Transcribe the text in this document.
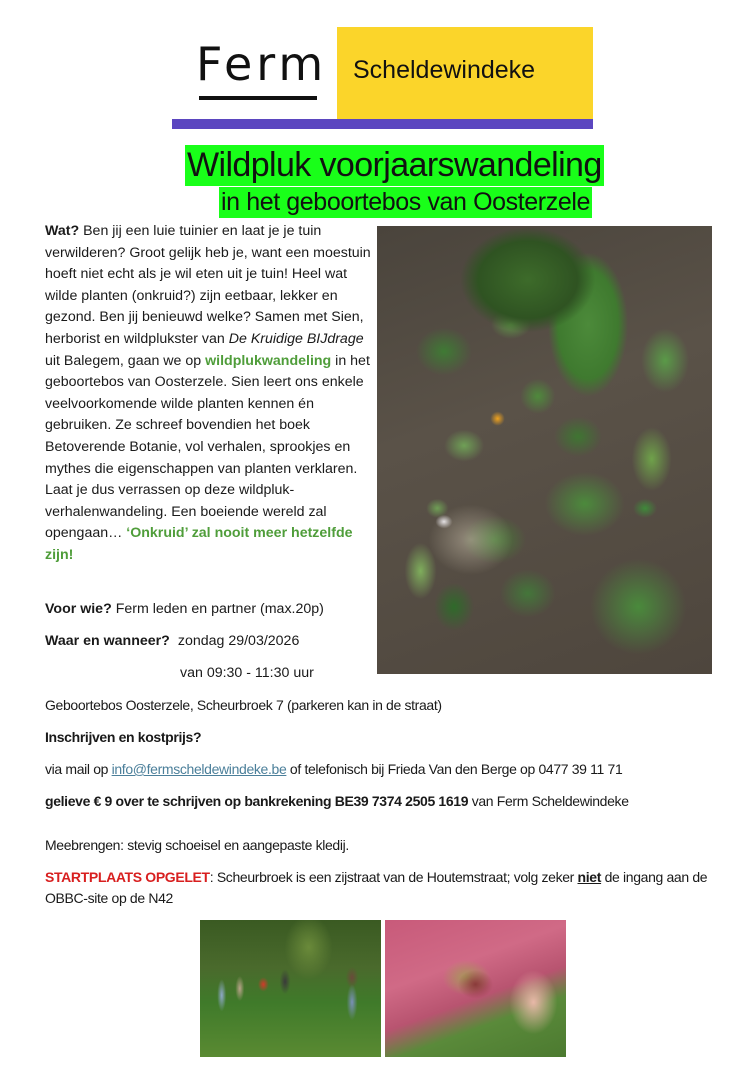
Ferm Scheldewindeke
Wildpluk voorjaarswandeling
in het geboortebos van Oosterzele
Wat? Ben jij een luie tuinier en laat je je tuin verwilderen? Groot gelijk heb je, want een moestuin hoeft niet echt als je wil eten uit je tuin! Heel wat wilde planten (onkruid?) zijn eetbaar, lekker en gezond. Ben jij benieuwd welke? Samen met Sien, herborist en wildplukster van De Kruidige BIJdrage uit Balegem, gaan we op wildplukwandeling in het geboortebos van Oosterzele. Sien leert ons enkele veelvoorkomende wilde planten kennen én gebruiken. Ze schreef bovendien het boek Betoverende Botanie, vol verhalen, sprookjes en mythes die eigenschappen van planten verklaren. Laat je dus verrassen op deze wildpluk-verhalenwandeling. Een boeiende wereld zal opengaan… ‘Onkruid’ zal nooit meer hetzelfde zijn!
Voor wie? Ferm leden en partner (max.20p)
Waar en wanneer? zondag 29/03/2026
van 09:30 - 11:30 uur
Geboortebos Oosterzele, Scheurbroek 7 (parkeren kan in de straat)
Inschrijven en kostprijs?
via mail op info@fermscheldewindeke.be of telefonisch bij Frieda Van den Berge op 0477 39 11 71
gelieve € 9 over te schrijven op bankrekening BE39 7374 2505 1619 van Ferm Scheldewindeke
Meebrengen: stevig schoeisel en aangepaste kledij.
STARTPLAATS OPGELET: Scheurbroek is een zijstraat van de Houtemstraat; volg zeker niet de ingang aan de OBBC-site op de N42
